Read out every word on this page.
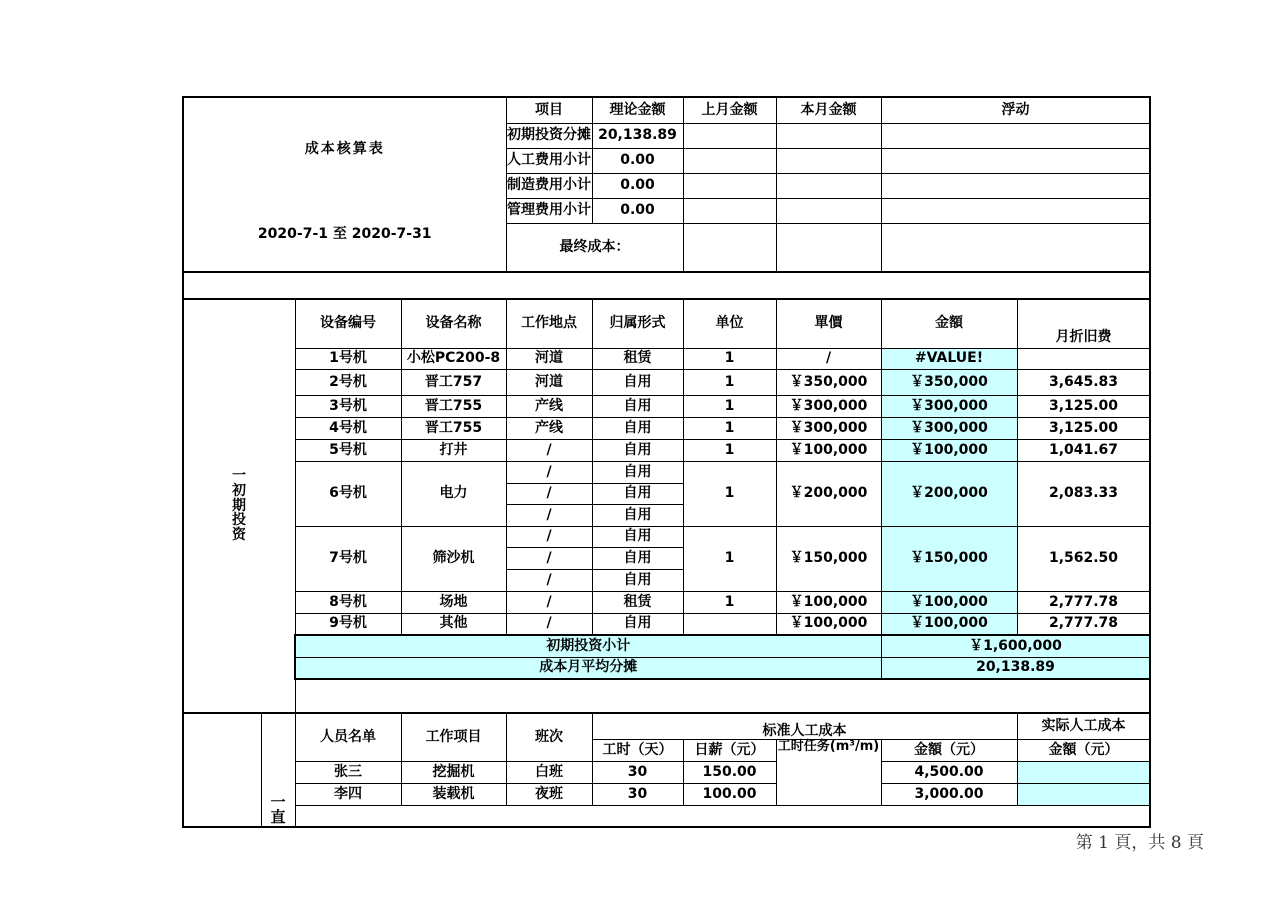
成本核算表				项目	理论金额	上月金额	本月金额	浮动	
				初期投资分摊	20,138.89				
				人工费用小计	0.00				
				制造费用小计	0.00				
2020-7-1 至 2020-7-31				管理费用小计	0.00				
				最终成本：					

一
初
期
投
资		设备编号	设备名称	工作地点	归属形式	单位	單價	金額	月折旧费
		1号机	小松PC200-8	河道	租赁	1	/	#VALUE!	
		2号机	晋工757	河道	自用	1	￥350,000	￥350,000	3,645.83
		3号机	晋工755	产线	自用	1	￥300,000	￥300,000	3,125.00
		4号机	晋工755	产线	自用	1	￥300,000	￥300,000	3,125.00
		5号机	打井	/	自用	1	￥100,000	￥100,000	1,041.67
		6号机	电力	/	自用	1	￥200,000	￥200,000	2,083.33
				/	自用				
				/	自用				
		7号机	筛沙机	/	自用	1	￥150,000	￥150,000	1,562.50
				/	自用				
				/	自用				
		8号机	场地	/	租赁	1	￥100,000	￥100,000	2,777.78
		9号机	其他	/	自用		￥100,000	￥100,000	2,777.78
		初期投资小计						￥1,600,000	
		成本月平均分摊						20,138.89	

	一
直	人员名单	工作项目	班次	标准人工成本				实际人工成本
					工时（天）	日薪（元）	工时任务(m³/m)	金額（元）	金額（元）
		张三	挖掘机	白班	30	150.00		4,500.00	
		李四	装载机	夜班	30	100.00		3,000.00	

第 1 頁，共 8 頁
